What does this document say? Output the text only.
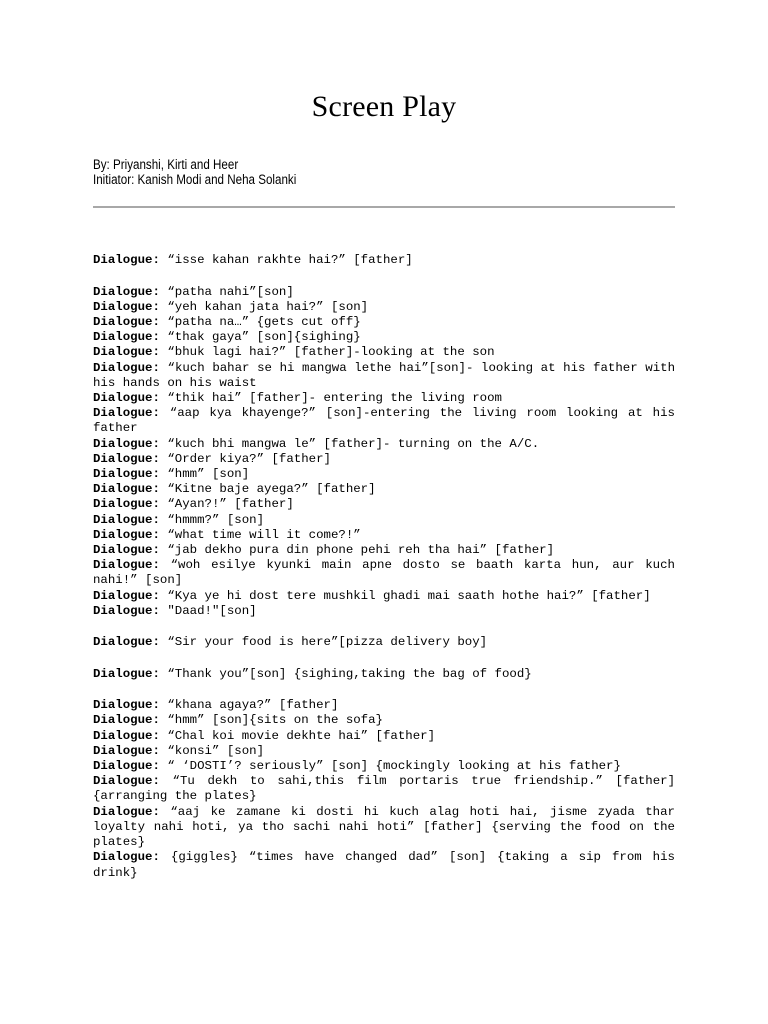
Screen Play
By: Priyanshi, Kirti and Heer
Initiator: Kanish Modi and Neha Solanki

Dialogue: “isse kahan rakhte hai?” [father]

Dialogue: “patha nahi”[son]

Dialogue: “yeh kahan jata hai?” [son]

Dialogue: “patha na…” {gets cut off}

Dialogue: “thak gaya” [son]{sighing}

Dialogue: “bhuk lagi hai?” [father]-looking at the son

Dialogue: “kuch bahar se hi mangwa lethe hai”[son]- looking at his father with his hands on his waist

Dialogue: “thik hai” [father]- entering the living room

Dialogue: “aap kya khayenge?” [son]-entering the living room looking at his father

Dialogue: “kuch bhi mangwa le” [father]- turning on the A/C.

Dialogue: “Order kiya?” [father]

Dialogue: “hmm” [son]

Dialogue: “Kitne baje ayega?” [father]

Dialogue: “Ayan?!” [father]

Dialogue: “hmmm?” [son]

Dialogue: “what time will it come?!”

Dialogue: “jab dekho pura din phone pehi reh tha hai” [father]

Dialogue: “woh esilye kyunki main apne dosto se baath karta hun, aur kuch nahi!” [son]

Dialogue: “Kya ye hi dost tere mushkil ghadi mai saath hothe hai?” [father]

Dialogue: "Daad!"[son]

Dialogue: “Sir your food is here”[pizza delivery boy]

Dialogue: “Thank you”[son] {sighing,taking the bag of food}

Dialogue: “khana agaya?” [father]

Dialogue: “hmm” [son]{sits on the sofa}

Dialogue: “Chal koi movie dekhte hai” [father]

Dialogue: “konsi” [son]

Dialogue: “ ‘DOSTI’? seriously” [son] {mockingly looking at his father}

Dialogue: “Tu dekh to sahi,this film portaris true friendship.” [father]{arranging the plates}

Dialogue: “aaj ke zamane ki dosti hi kuch alag hoti hai, jisme zyada thar loyalty nahi hoti, ya tho sachi nahi hoti” [father] {serving the food on the plates}

Dialogue: {giggles} “times have changed dad” [son] {taking a sip from his drink}
